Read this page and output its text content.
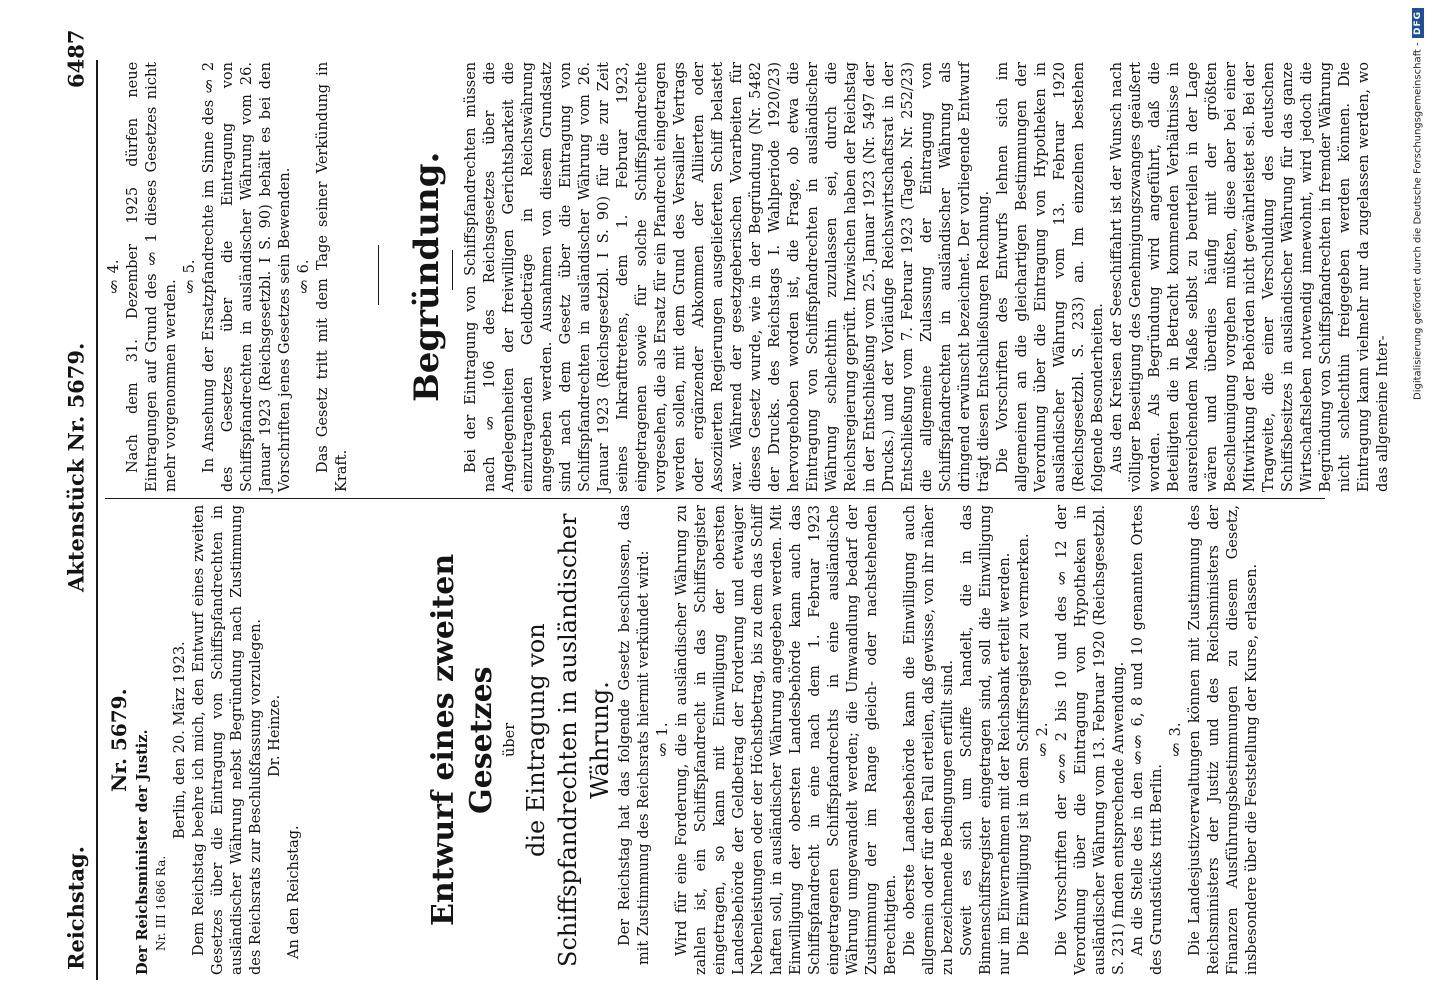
Reichstag.
Aktenstück Nr. 5679.
6487

Nr. 5679. Der Reichsminister der Justiz. Nr. III 1686 Ra.

Berlin, den 20. März 1923. Dem Reichstag beehre ich mich, den Entwurf eines zweiten Gesetzes über die Eintragung von Schiffspfandrechten in ausländischer Währung nebst Begründung nach Zustimmung des Reichsrats zur Beschlußfassung vorzulegen. Dr. Heinze.

An den Reichstag.	Entwurf eines zweiten Gesetzes über die Eintragung von Schiffspfandrechten in ausländischer Währung. Der Reichstag hat das folgende Gesetz beschlossen, das mit Zustimmung des Reichsrats hiermit verkündet wird: § 1. Wird für eine Forderung, die in ausländischer Währung zu zahlen ist, ein Schiffspfandrecht in das Schiffsregister eingetragen, so kann mit Einwilligung der obersten Landesbehörde der Geldbetrag der Forderung und etwaiger Nebenleistungen oder der Höchstbetrag, bis zu dem das Schiff haften soll, in ausländischer Währung angegeben werden. Mit Einwilligung der obersten Landesbehörde kann auch das Schiffspfandrecht in eine nach dem 1. Februar 1923 eingetragenen Schiffspfandrechts in eine ausländische Währung umgewandelt werden; die Umwandlung bedarf der Zustimmung der im Range gleich- oder nachstehenden Berechtigten. Die oberste Landesbehörde kann die Einwilligung auch allgemein oder für den Fall erteilen, daß gewisse, von ihr näher zu bezeichnende Bedingungen erfüllt sind. Soweit es sich um Schiffe handelt, die in das Binnenschiffsregister eingetragen sind, soll die Einwilligung nur im Einvernehmen mit der Reichsbank erteilt werden. Die Einwilligung ist in dem Schiffsregister zu vermerken. § 2. Die Vorschriften der §§ 2 bis 10 und des § 12 der Verordnung über die Eintragung von Hypotheken in ausländischer Währung vom 13. Februar 1920 (Reichsgesetzbl. S. 231) finden entsprechende Anwendung. An die Stelle des in den §§ 6, 8 und 10 genannten Ortes des Grundstücks tritt Berlin.

§ 3. Die Landesjustizverwaltungen können mit Zustimmung des Reichsministers der Justiz und des Reichsministers der Finanzen Ausführungsbestimmungen zu diesem Gesetz, insbesondere über die Feststellung der Kurse, erlassen.

§ 4. Nach dem 31. Dezember 1925 dürfen neue Eintragungen auf Grund des § 1 dieses Gesetzes nicht mehr vorgenommen werden.

§ 5. In Ansehung der Ersatzpfandrechte im Sinne des § 2 des Gesetzes über die Eintragung von Schiffspfandrechten in ausländischer Währung vom 26. Januar 1923 (Reichsgesetzbl. I S. 90) behält es bei den Vorschriften jenes Gesetzes sein Bewenden. § 6. Das Gesetz tritt mit dem Tage seiner Verkündung in Kraft.

Begründung. Bei der Eintragung von Schiffspfandrechten müssen nach § 106 des Reichsgesetzes über die Angelegenheiten der freiwilligen Gerichtsbarkeit die einzutragenden Geldbeträge in Reichswährung angegeben werden. Ausnahmen von diesem Grundsatz sind nach dem Gesetz über die Eintragung von Schiffspfandrechten in ausländischer Währung vom 26. Januar 1923 (Reichsgesetzbl. I S. 90) für die zur Zeit seines Inkrafttretens, dem 1. Februar 1923, eingetragenen sowie für solche Schiffspfandrechte vorgesehen, die als Ersatz für ein Pfandrecht eingetragen werden sollen, mit dem Grund des Versailler Vertrags oder ergänzender Abkommen der Alliierten oder Assoziierten Regierungen ausgelieferten Schiff belastet war. Während der gesetzgeberischen Vorarbeiten für dieses Gesetz wurde, wie in der Begründung (Nr. 5482 der Drucks. des Reichstags I. Wahlperiode 1920/23) hervorgehoben worden ist, die Frage, ob etwa die Eintragung von Schiffspfandrechten in ausländischer Währung schlechthin zuzulassen sei, durch die Reichsregierung geprüft. Inzwischen haben der Reichstag in der Entschließung vom 25. Januar 1923 (Nr. 5497 der Drucks.) und der Vorläufige Reichswirtschaftsrat in der Entschließung vom 7. Februar 1923 (Tageb. Nr. 252/23) die allgemeine Zulassung der Eintragung von Schiffspfandrechten in ausländischer Währung als dringend erwünscht bezeichnet. Der vorliegende Entwurf trägt diesen Entschließungen Rechnung. Die Vorschriften des Entwurfs lehnen sich im allgemeinen an die gleichartigen Bestimmungen der Verordnung über die Eintragung von Hypotheken in ausländischer Währung vom 13. Februar 1920 (Reichsgesetzbl. S. 233) an. Im einzelnen bestehen folgende Besonderheiten. Aus den Kreisen der Seeschiffahrt ist der Wunsch nach völliger Beseitigung des Genehmigungszwanges geäußert worden. Als Begründung wird angeführt, daß die Beteiligten die in Betracht kommenden Verhältnisse in ausreichendem Maße selbst zu beurteilen in der Lage wären und überdies häufig mit der größten Beschleunigung vorgehen müßten, diese aber bei einer Mitwirkung der Behörden nicht gewährleistet sei. Bei der Tragweite, die einer Verschuldung des deutschen Schiffsbesitzes in ausländischer Währung für das ganze Wirtschaftsleben notwendig innewohnt, wird jedoch die Begründung von Schiffspfandrechten in fremder Währung nicht schlechthin freigegeben werden können. Die Eintragung kann vielmehr nur da zugelassen werden, wo das allgemeine Inter-

Digitalisierung gefördert durch die Deutsche Forschungsgemeinschaft -
DFG
